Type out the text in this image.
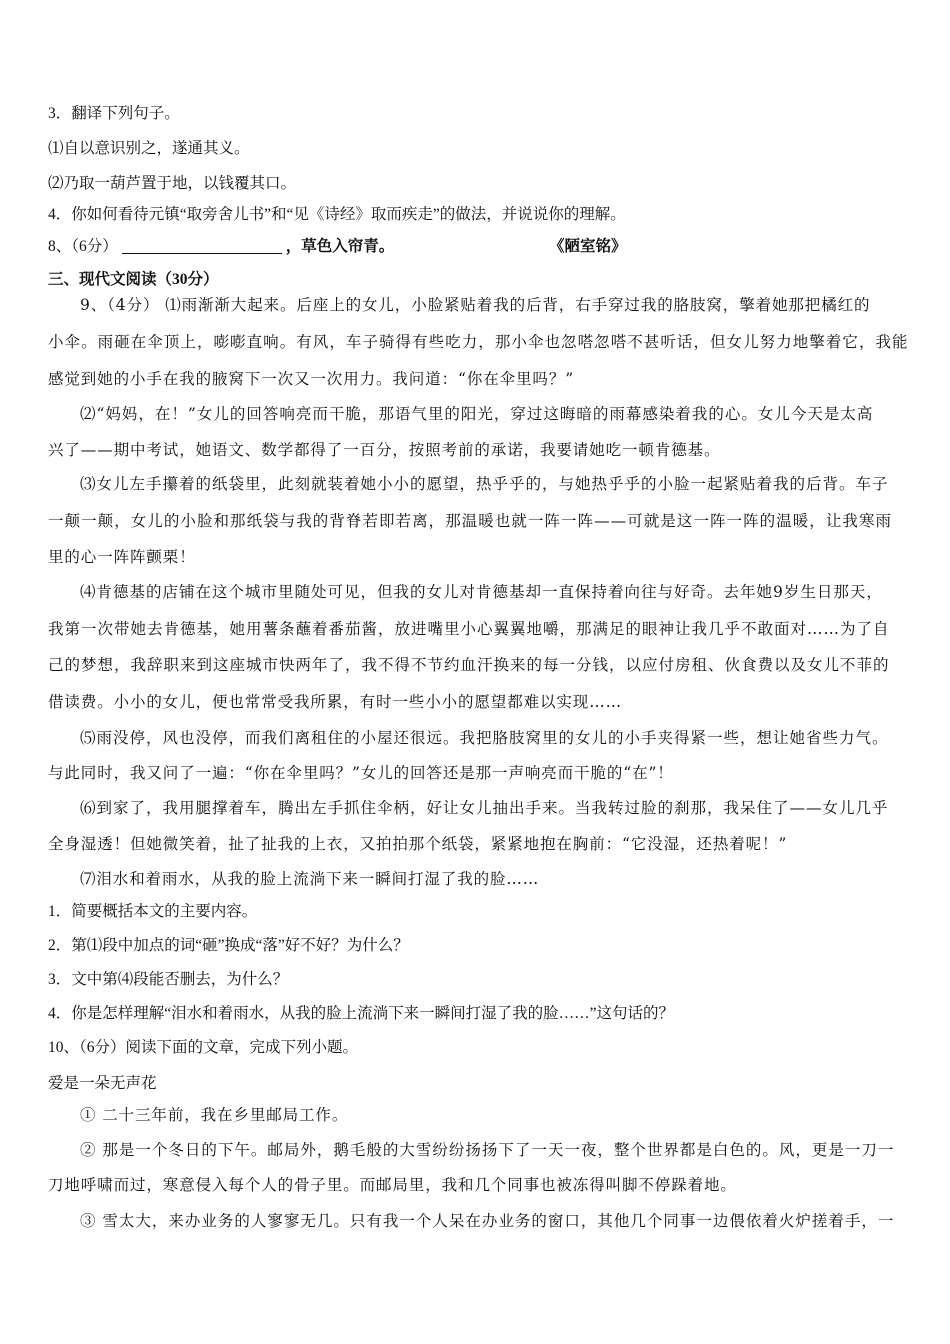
3．翻译下列句子。
⑴自以意识别之，遂通其义。
⑵乃取一葫芦置于地，以钱覆其口。
4．你如何看待元镇“取旁舍儿书”和“见《诗经》取而疾走”的做法，并说说你的理解。
8、（6分）	，草色入帘青。	《陋室铭》
三、现代文阅读（30分）
9、（4分） ⑴雨渐渐大起来。后座上的女儿，小脸紧贴着我的后背，右手穿过我的胳肢窝，擎着她那把橘红的
小伞。雨砸在伞顶上，嘭嘭直响。有风，车子骑得有些吃力，那小伞也忽嗒忽嗒不甚听话，但女儿努力地擎着它，我能
感觉到她的小手在我的腋窝下一次又一次用力。我问道：“你在伞里吗？”
⑵“妈妈，在！”女儿的回答响亮而干脆，那语气里的阳光，穿过这晦暗的雨幕感染着我的心。女儿今天是太高
兴了——期中考试，她语文、数学都得了一百分，按照考前的承诺，我要请她吃一顿肯德基。
⑶女儿左手攥着的纸袋里，此刻就装着她小小的愿望，热乎乎的，与她热乎乎的小脸一起紧贴着我的后背。车子
一颠一颠，女儿的小脸和那纸袋与我的背脊若即若离，那温暖也就一阵一阵——可就是这一阵一阵的温暖，让我寒雨
里的心一阵阵颤栗！
⑷肯德基的店铺在这个城市里随处可见，但我的女儿对肯德基却一直保持着向往与好奇。去年她9岁生日那天，
我第一次带她去肯德基，她用薯条蘸着番茄酱，放进嘴里小心翼翼地嚼，那满足的眼神让我几乎不敢面对……为了自
己的梦想，我辞职来到这座城市快两年了，我不得不节约血汗换来的每一分钱，以应付房租、伙食费以及女儿不菲的
借读费。小小的女儿，便也常常受我所累，有时一些小小的愿望都难以实现……
⑸雨没停，风也没停，而我们离租住的小屋还很远。我把胳肢窝里的女儿的小手夹得紧一些，想让她省些力气。
与此同时，我又问了一遍：“你在伞里吗？”女儿的回答还是那一声响亮而干脆的“在”！
⑹到家了，我用腿撑着车，腾出左手抓住伞柄，好让女儿抽出手来。当我转过脸的刹那，我呆住了——女儿几乎
全身湿透！但她微笑着，扯了扯我的上衣，又拍拍那个纸袋，紧紧地抱在胸前：“它没湿，还热着呢！”
⑺泪水和着雨水，从我的脸上流淌下来一瞬间打湿了我的脸……
1．简要概括本文的主要内容。
2．第⑴段中加点的词“砸”换成“落”好不好？为什么？
3．文中第⑷段能否删去，为什么？
4．你是怎样理解“泪水和着雨水，从我的脸上流淌下来一瞬间打湿了我的脸……”这句话的？
10、（6分）阅读下面的文章，完成下列小题。
爱是一朵无声花
① 二十三年前，我在乡里邮局工作。
② 那是一个冬日的下午。邮局外，鹅毛般的大雪纷纷扬扬下了一天一夜，整个世界都是白色的。风，更是一刀一
刀地呼啸而过，寒意侵入每个人的骨子里。而邮局里，我和几个同事也被冻得叫脚不停跺着地。
③ 雪太大，来办业务的人寥寥无几。只有我一个人呆在办业务的窗口，其他几个同事一边偎依着火炉搓着手，一
